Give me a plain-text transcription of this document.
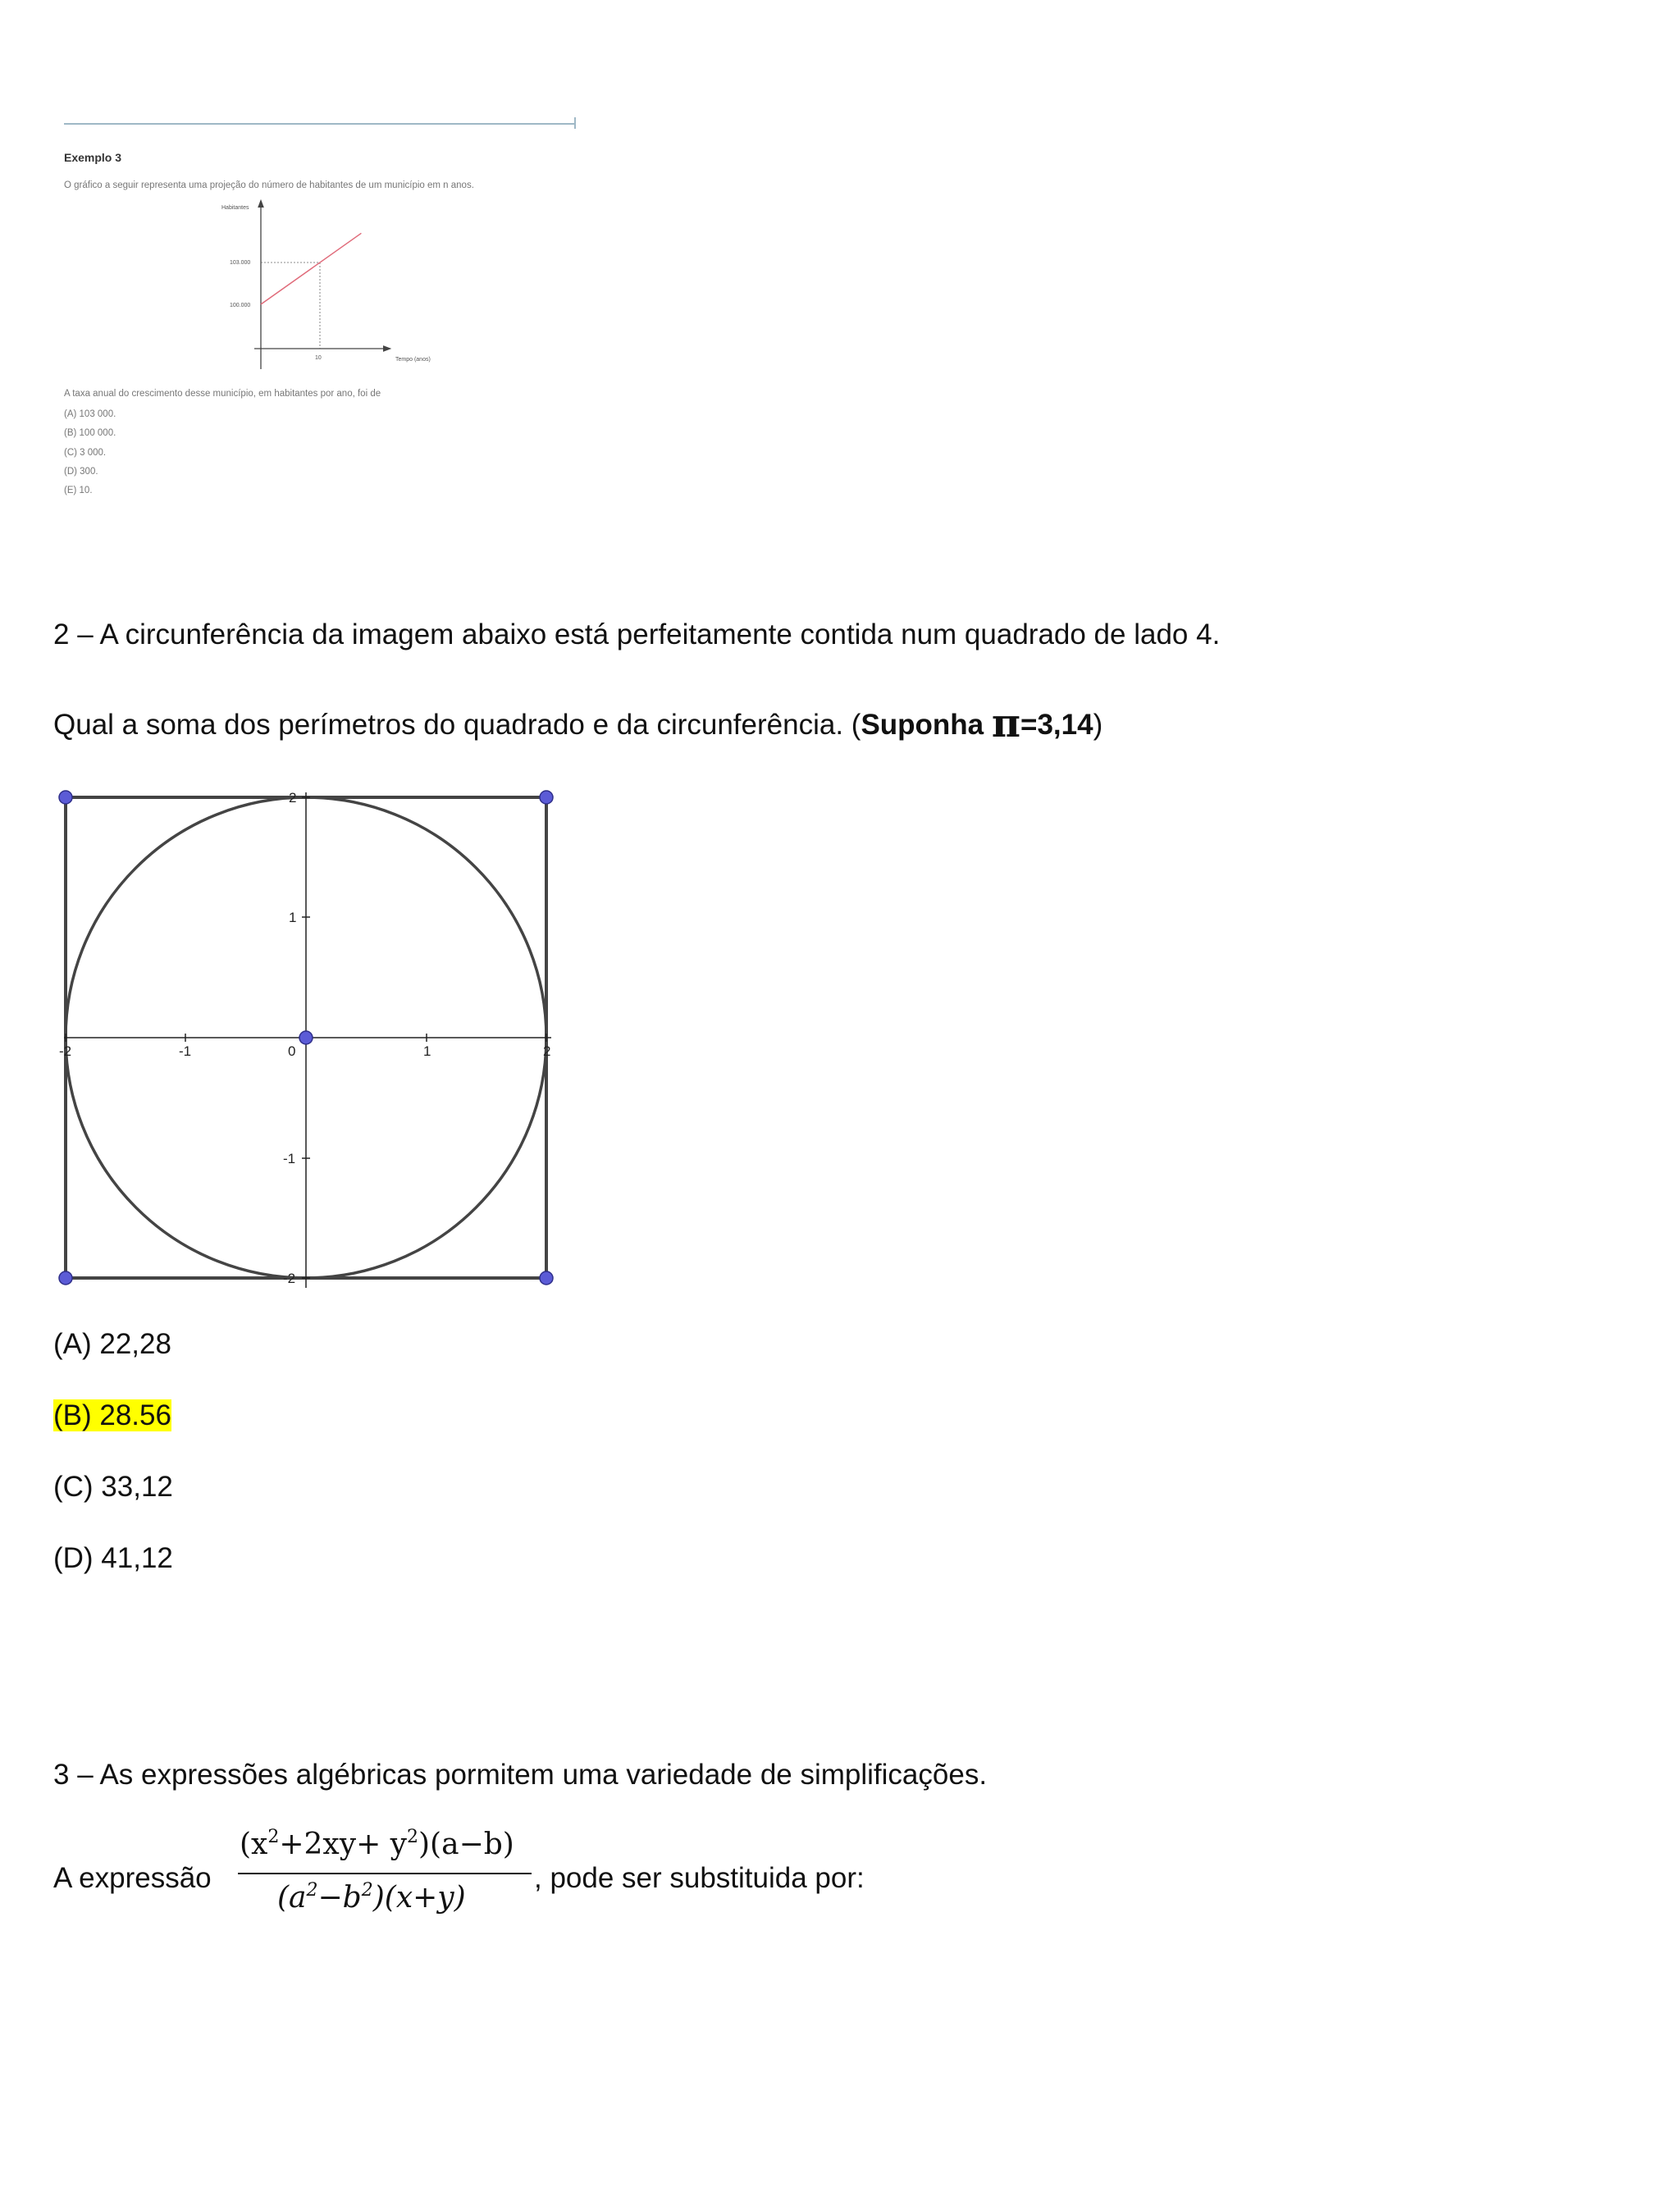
Exemplo 3
O gráfico a seguir representa uma projeção do número de habitantes de um município em n anos.
Habitantes
Tempo (anos)
103.000
100.000
10
A taxa anual do crescimento desse município, em habitantes por ano, foi de
(A) 103 000.
(B) 100 000.
(C) 3 000.
(D) 300.
(E) 10.
2 – A circunferência da imagem abaixo está perfeitamente contida num quadrado de lado 4.
Qual a soma dos perímetros do quadrado e da circunferência. (Suponha π=3,14)
-2	-1	0	1	2
2
1
-1
-2
(A) 22,28
(B) 28.56
(C) 33,12
(D) 41,12
3 – As expressões algébricas pormitem uma variedade de simplificações.
A expressão
$(x^2+2xy+ y^2)(a-b)$
$(a^2-b^2)(x+y)$
, pode ser substituida por:
